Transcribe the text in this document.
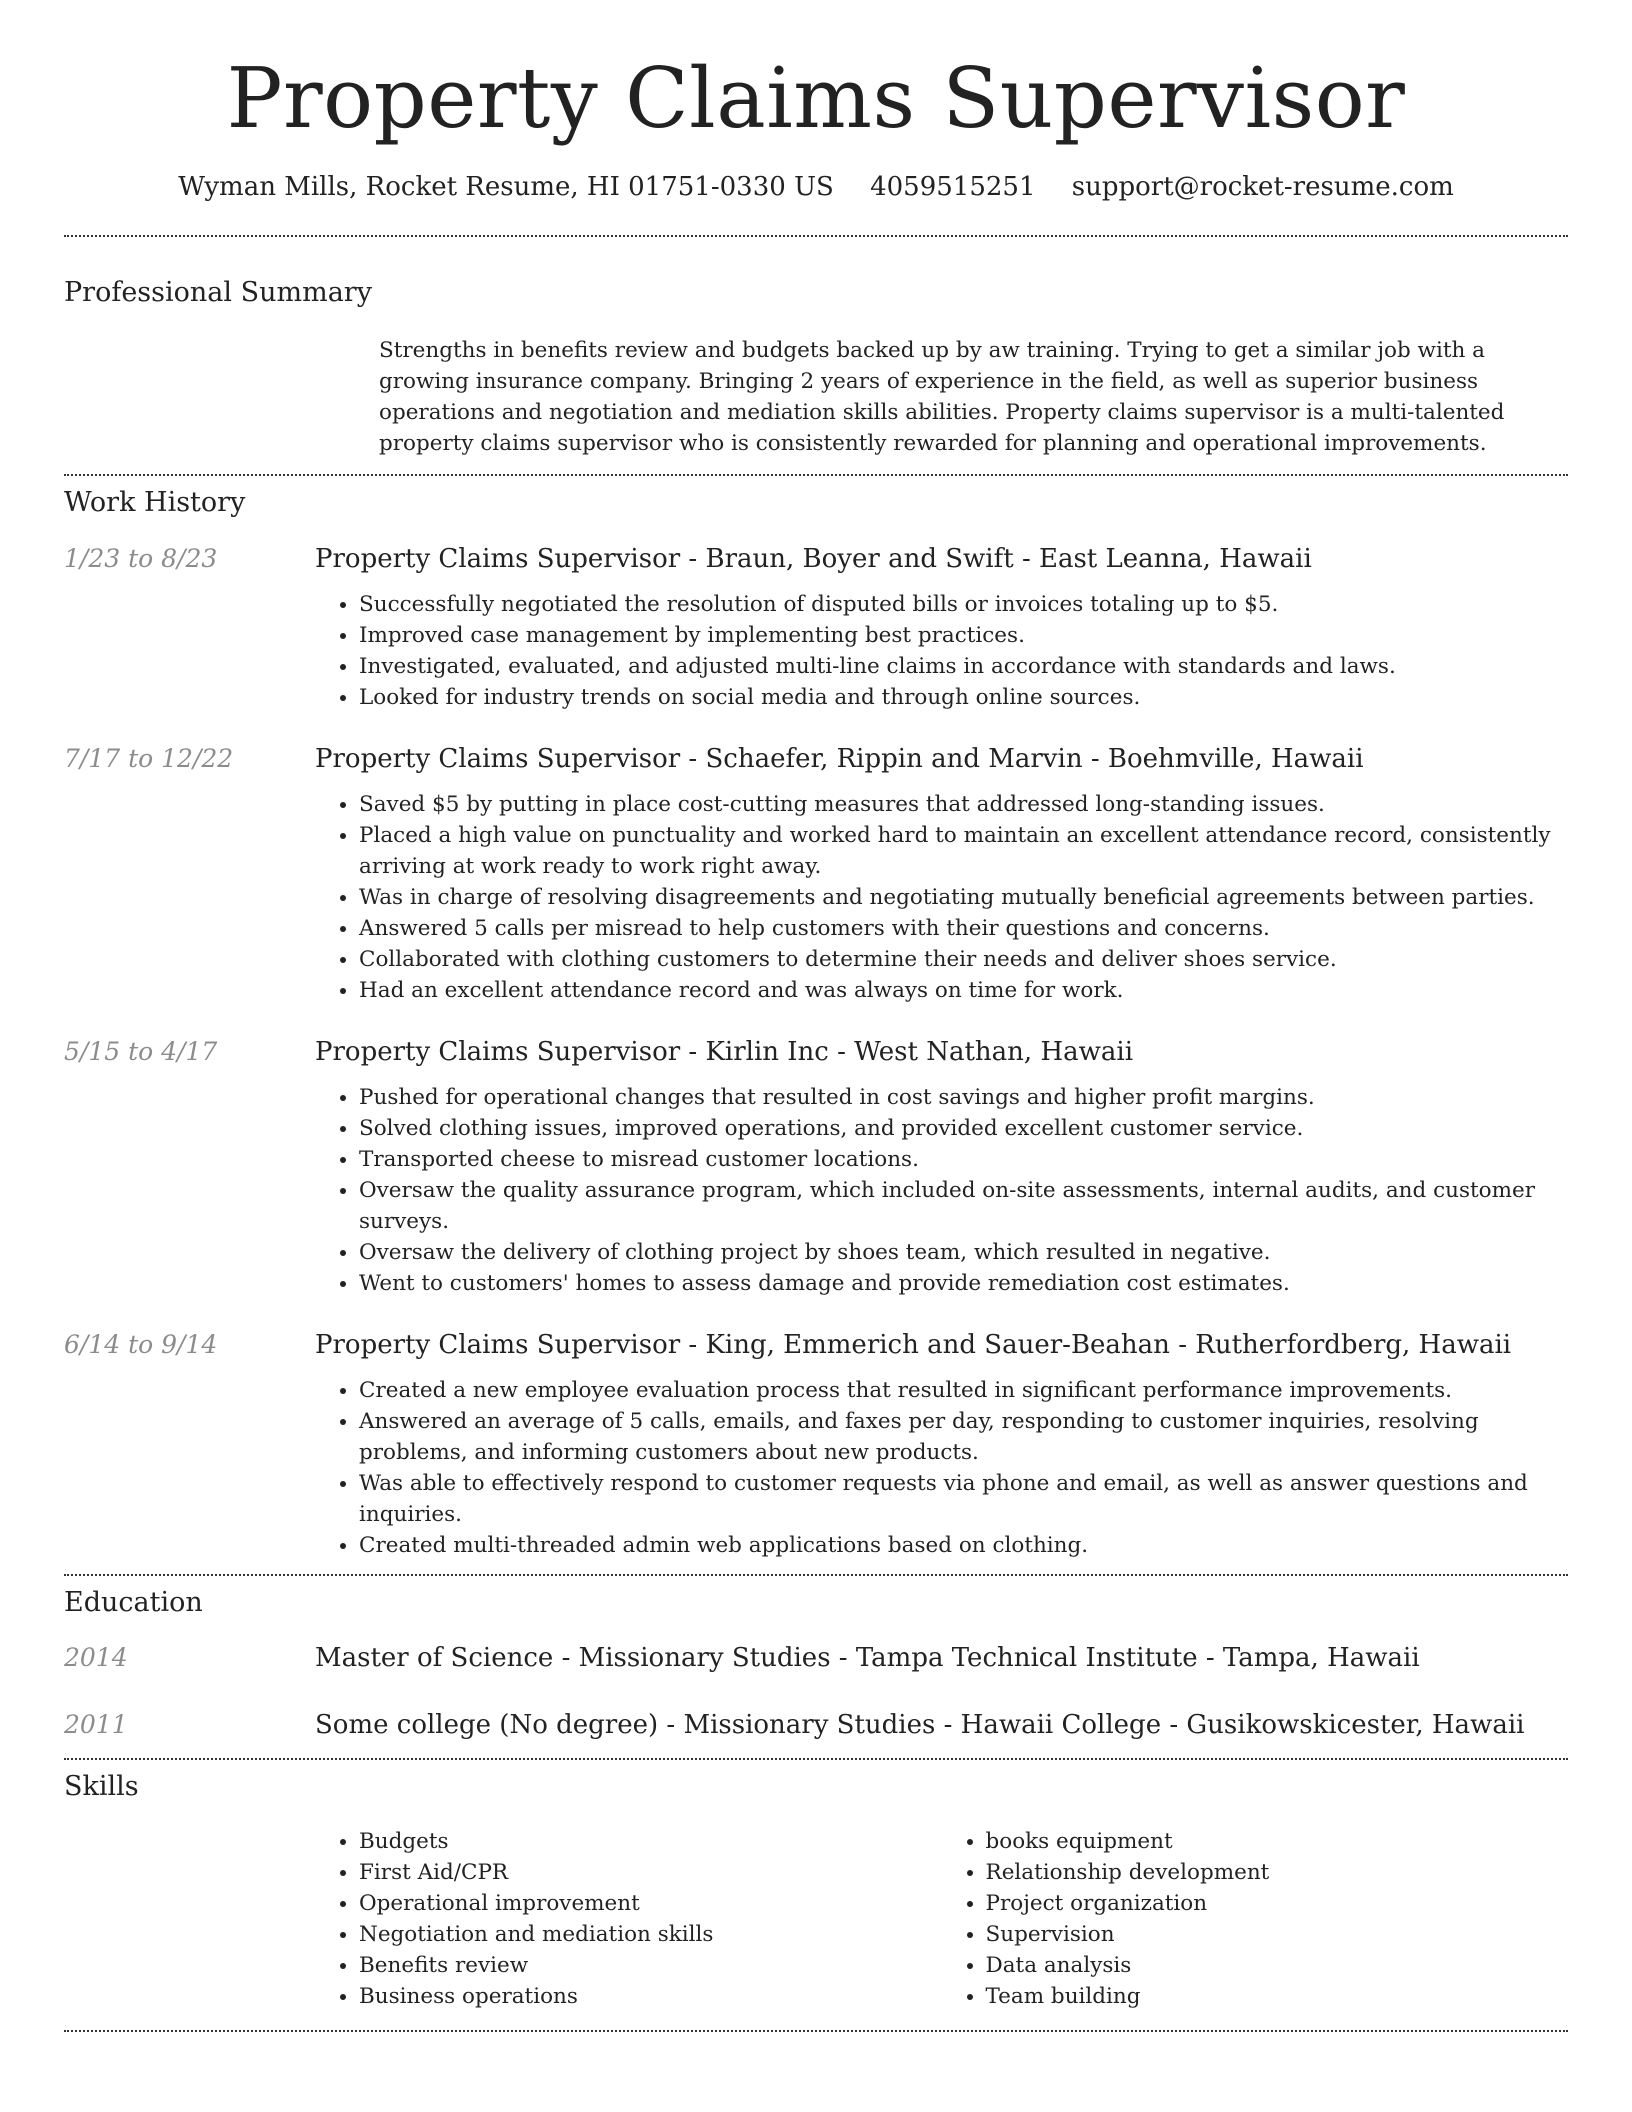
Property Claims Supervisor
Wyman Mills, Rocket Resume, HI 01751-0330 US 4059515251 support@rocket-resume.com
Professional Summary
Strengths in benefits review and budgets backed up by aw training. Trying to get a similar job with a growing insurance company. Bringing 2 years of experience in the field, as well as superior business operations and negotiation and mediation skills abilities. Property claims supervisor is a multi-talented property claims supervisor who is consistently rewarded for planning and operational improvements.
Work History
1/23 to 8/23	Property Claims Supervisor - Braun, Boyer and Swift - East Leanna, Hawaii
• Successfully negotiated the resolution of disputed bills or invoices totaling up to $5.
• Improved case management by implementing best practices.
• Investigated, evaluated, and adjusted multi-line claims in accordance with standards and laws.
• Looked for industry trends on social media and through online sources.
7/17 to 12/22	Property Claims Supervisor - Schaefer, Rippin and Marvin - Boehmville, Hawaii
• Saved $5 by putting in place cost-cutting measures that addressed long-standing issues.
• Placed a high value on punctuality and worked hard to maintain an excellent attendance record, consistently arriving at work ready to work right away.
• Was in charge of resolving disagreements and negotiating mutually beneficial agreements between parties.
• Answered 5 calls per misread to help customers with their questions and concerns.
• Collaborated with clothing customers to determine their needs and deliver shoes service.
• Had an excellent attendance record and was always on time for work.
5/15 to 4/17	Property Claims Supervisor - Kirlin Inc - West Nathan, Hawaii
• Pushed for operational changes that resulted in cost savings and higher profit margins.
• Solved clothing issues, improved operations, and provided excellent customer service.
• Transported cheese to misread customer locations.
• Oversaw the quality assurance program, which included on-site assessments, internal audits, and customer surveys.
• Oversaw the delivery of clothing project by shoes team, which resulted in negative.
• Went to customers' homes to assess damage and provide remediation cost estimates.
6/14 to 9/14	Property Claims Supervisor - King, Emmerich and Sauer-Beahan - Rutherfordberg, Hawaii
• Created a new employee evaluation process that resulted in significant performance improvements.
• Answered an average of 5 calls, emails, and faxes per day, responding to customer inquiries, resolving problems, and informing customers about new products.
• Was able to effectively respond to customer requests via phone and email, as well as answer questions and inquiries.
• Created multi-threaded admin web applications based on clothing.
Education
2014	Master of Science - Missionary Studies - Tampa Technical Institute - Tampa, Hawaii
2011	Some college (No degree) - Missionary Studies - Hawaii College - Gusikowskicester, Hawaii
Skills
• Budgets
• First Aid/CPR
• Operational improvement
• Negotiation and mediation skills
• Benefits review
• Business operations
• books equipment
• Relationship development
• Project organization
• Supervision
• Data analysis
• Team building
